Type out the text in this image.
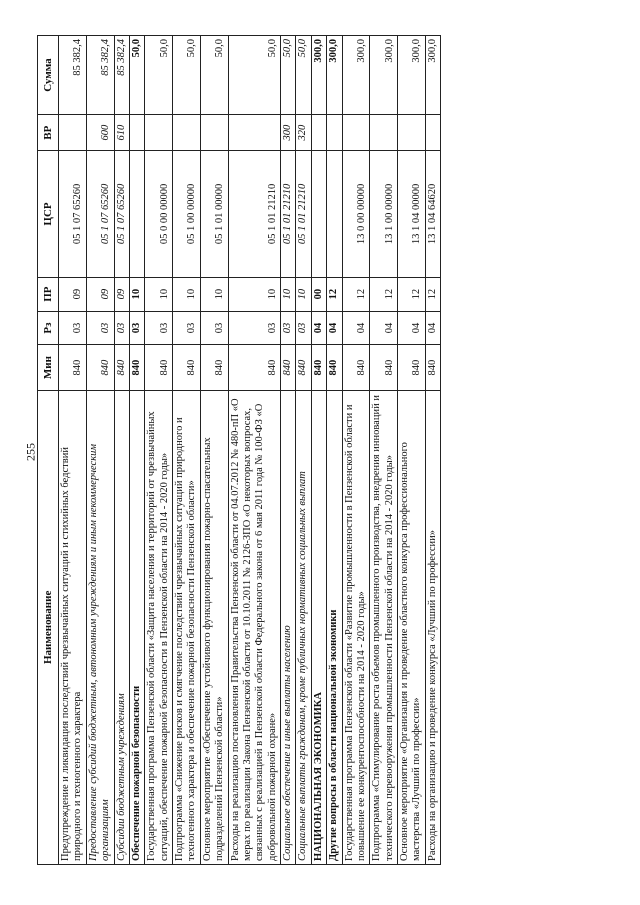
255
Наименование	Мин	Рз	ПР	ЦСР	ВР	Сумма
Предупреждение и ликвидация последствий чрезвычайных ситуаций и стихийных бедствий природного и техногенного характера	840	03	09	05 1 07 65260		85 382,4
Предоставление субсидий бюджетным, автономным учреждениям и иным некоммерческим организациям	840	03	09	05 1 07 65260	600	85 382,4
Субсидии бюджетным учреждениям	840	03	09	05 1 07 65260	610	85 382,4
Обеспечение пожарной безопасности	840	03	10			50,0
Государственная программа Пензенской области «Защита населения и территорий от чрезвычайных ситуаций, обеспечение пожарной безопасности в Пензенской области на 2014 - 2020 годы»	840	03	10	05 0 00 00000		50,0
Подпрограмма «Снижение рисков и смягчение последствий чрезвычайных ситуаций природного и техногенного характера и обеспечение пожарной безопасности Пензенской области»	840	03	10	05 1 00 00000		50,0
Основное мероприятие «Обеспечение устойчивого функционирования пожарно-спасательных подразделений Пензенской области»	840	03	10	05 1 01 00000		50,0
Расходы на реализацию постановления Правительства Пензенской области от 04.07.2012 № 480-пП «О мерах по реализации Закона Пензенской области от 10.10.2011 № 2126-ЗПО «О некоторых вопросах, связанных с реализацией в Пензенской области Федерального закона от 6 мая 2011 года № 100-ФЗ «О добровольной пожарной охране»	840	03	10	05 1 01 21210		50,0
Социальное обеспечение и иные выплаты населению	840	03	10	05 1 01 21210	300	50,0
Социальные выплаты гражданам, кроме публичных нормативных социальных выплат	840	03	10	05 1 01 21210	320	50,0
НАЦИОНАЛЬНАЯ ЭКОНОМИКА	840	04	00			300,0
Другие вопросы в области национальной экономики	840	04	12			300,0
Государственная программа Пензенской области «Развитие промышленности в Пензенской области и повышение ее конкурентоспособности на 2014 - 2020 годы»	840	04	12	13 0 00 00000		300,0
Подпрограмма «Стимулирование роста объемов промышленного производства, внедрения инноваций и технического перевооружения промышленности Пензенской области на 2014 - 2020 годы»	840	04	12	13 1 00 00000		300,0
Основное мероприятие «Организация и проведение областного конкурса профессионального мастерства «Лучший по профессии»	840	04	12	13 1 04 00000		300,0
Расходы на организацию и проведение конкурса «Лучший по профессии»	840	04	12	13 1 04 64620		300,0
